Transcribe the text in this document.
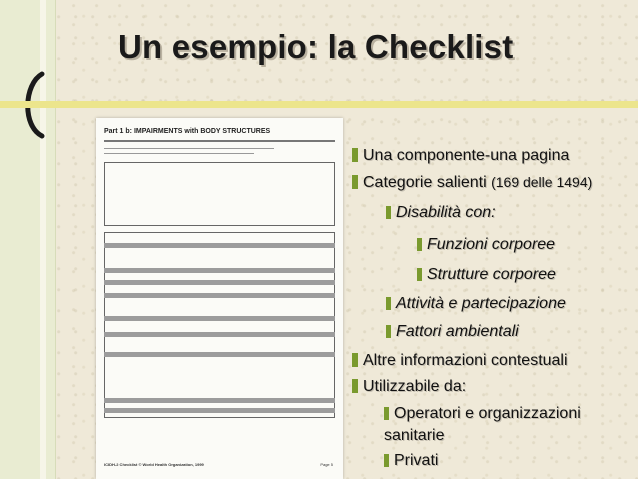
Un esempio: la Checklist
Part 1 b: IMPAIRMENTS with BODY STRUCTURES
ICIDH-2 Checklist © World Health Organization, 1999	Page 5
Una componente-una pagina
Categorie salienti (169 delle 1494)
Disabilità con:
Funzioni corporee
Strutture corporee
Attività e partecipazione
Fattori ambientali
Altre informazioni contestuali
Utilizzabile da:
Operatori e organizzazioni
sanitarie
Privati
